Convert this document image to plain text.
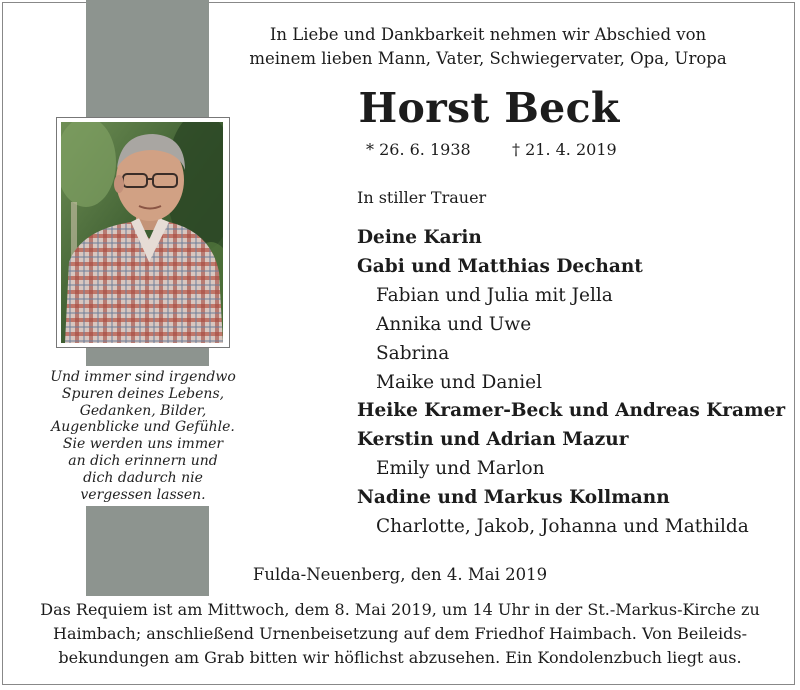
Und immer sind irgendwo
Spuren deines Lebens,
Gedanken, Bilder,
Augenblicke und Gefühle.
Sie werden uns immer
an dich erinnern und
dich dadurch nie
vergessen lassen.
In Liebe und Dankbarkeit nehmen wir Abschied von
meinem lieben Mann, Vater, Schwiegervater, Opa, Uropa
Horst Beck
* 26. 6. 1938	† 21. 4. 2019
In stiller Trauer
Deine Karin
Gabi und Matthias Dechant
Fabian und Julia mit Jella
Annika und Uwe
Sabrina
Maike und Daniel
Heike Kramer-Beck und Andreas Kramer
Kerstin und Adrian Mazur
Emily und Marlon
Nadine und Markus Kollmann
Charlotte, Jakob, Johanna und Mathilda
Fulda-Neuenberg, den 4. Mai 2019
Das Requiem ist am Mittwoch, dem 8. Mai 2019, um 14 Uhr in der St.-Markus-Kirche zu
Haimbach; anschließend Urnenbeisetzung auf dem Friedhof Haimbach. Von Beileids-
bekundungen am Grab bitten wir höflichst abzusehen. Ein Kondolenzbuch liegt aus.
